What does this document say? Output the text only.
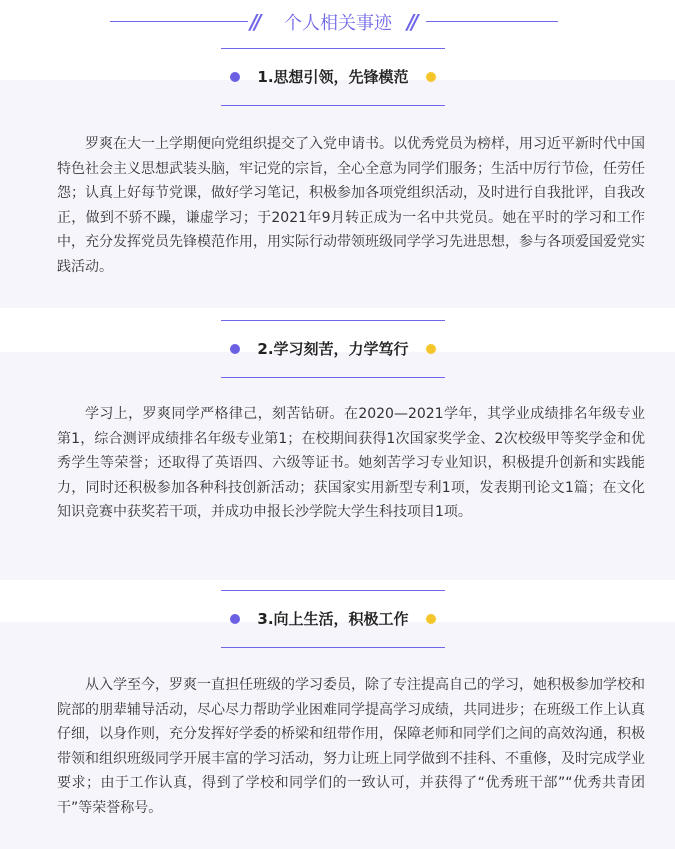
//	个人相关事迹 //
1.思想引领，先锋模范

罗爽在大一上学期便向党组织提交了入党申请书。以优秀党员为榜样，用习近平新时代中国特色社会主义思想武装头脑，牢记党的宗旨，全心全意为同学们服务；生活中厉行节俭，任劳任怨；认真上好每节党课，做好学习笔记，积极参加各项党组织活动，及时进行自我批评，自我改正，做到不骄不躁，谦虚学习；于2021年9月转正成为一名中共党员。她在平时的学习和工作中，充分发挥党员先锋模范作用，用实际行动带领班级同学学习先进思想，参与各项爱国爱党实践活动。

2.学习刻苦，力学笃行

学习上，罗爽同学严格律己，刻苦钻研。在2020—2021学年，其学业成绩排名年级专业第1，综合测评成绩排名年级专业第1；在校期间获得1次国家奖学金、2次校级甲等奖学金和优秀学生等荣誉；还取得了英语四、六级等证书。她刻苦学习专业知识，积极提升创新和实践能力，同时还积极参加各种科技创新活动；获国家实用新型专利1项，发表期刊论文1篇；在文化知识竞赛中获奖若干项，并成功申报长沙学院大学生科技项目1项。

3.向上生活，积极工作

从入学至今，罗爽一直担任班级的学习委员，除了专注提高自己的学习，她积极参加学校和院部的朋辈辅导活动，尽心尽力帮助学业困难同学提高学习成绩，共同进步；在班级工作上认真仔细，以身作则，充分发挥好学委的桥梁和纽带作用，保障老师和同学们之间的高效沟通，积极带领和组织班级同学开展丰富的学习活动，努力让班上同学做到不挂科、不重修，及时完成学业要求；由于工作认真，得到了学校和同学们的一致认可，并获得了“优秀班干部”“优秀共青团干”等荣誉称号。
